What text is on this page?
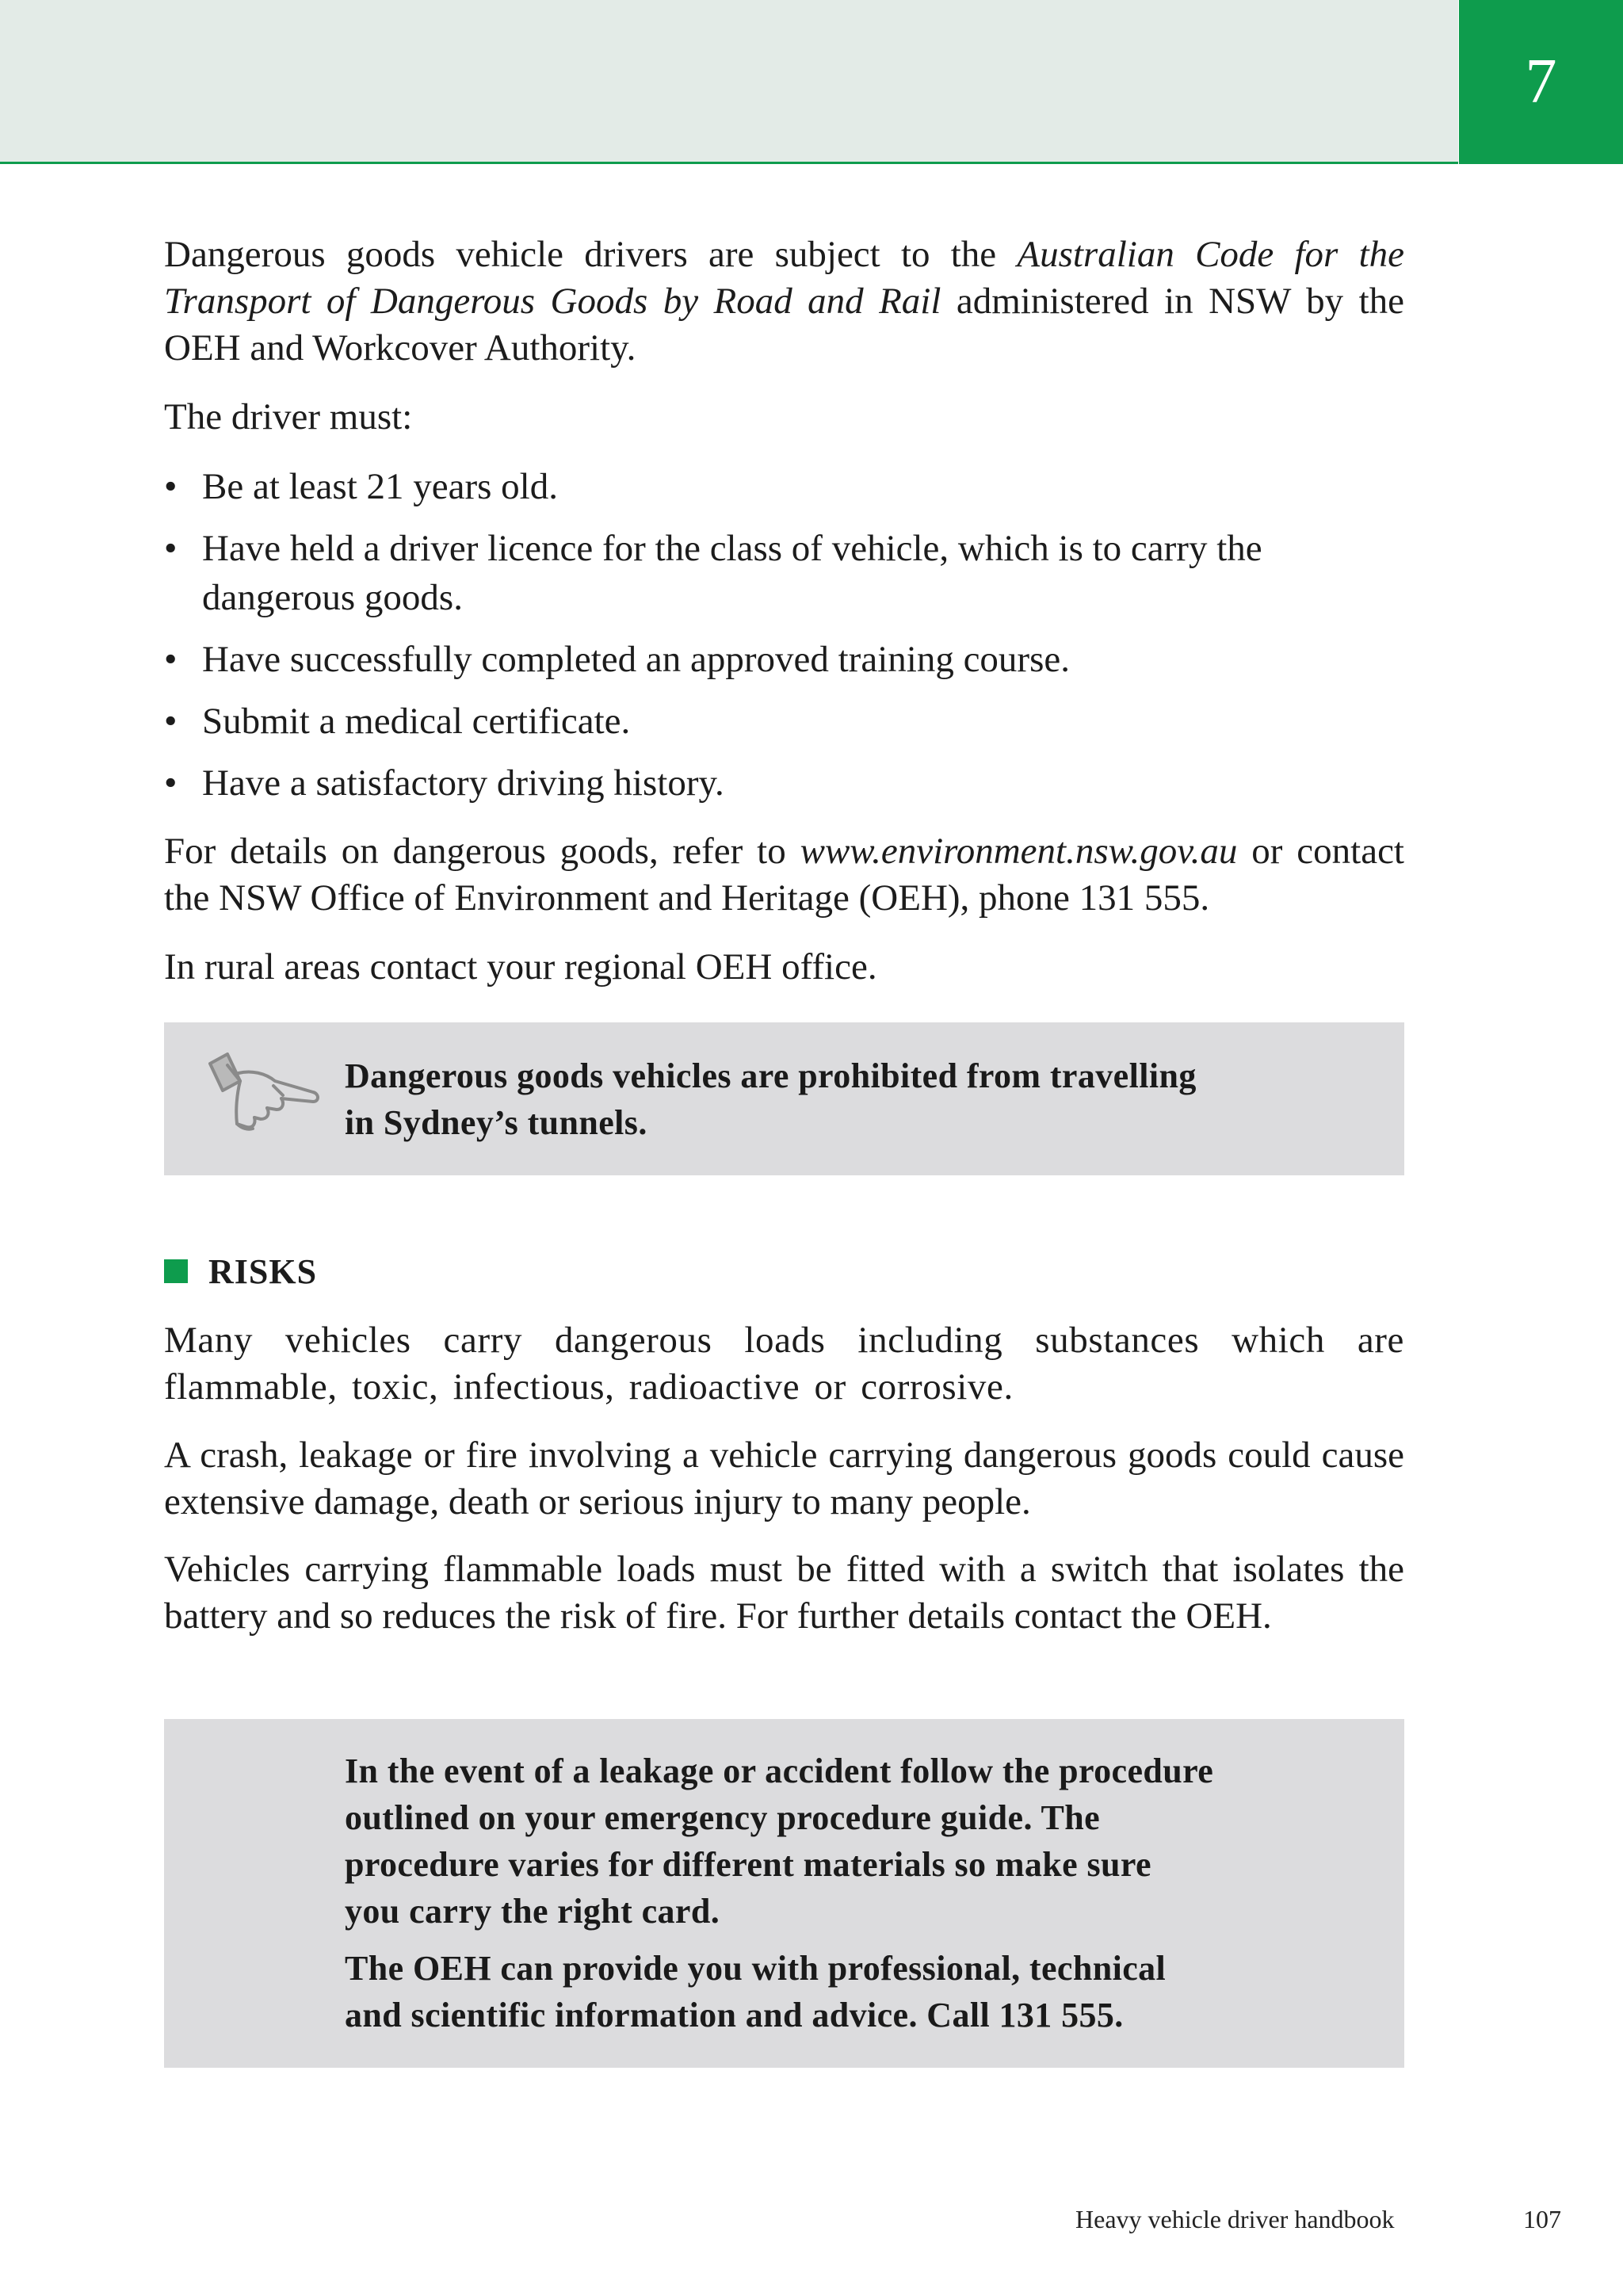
7

Dangerous goods vehicle drivers are subject to the Australian Code for the Transport of Dangerous Goods by Road and Rail administered in NSW by the OEH and Workcover Authority.

The driver must:

• Be at least 21 years old.
• Have held a driver licence for the class of vehicle, which is to carry the dangerous goods.
• Have successfully completed an approved training course.
• Submit a medical certificate.
• Have a satisfactory driving history.

For details on dangerous goods, refer to www.environment.nsw.gov.au or contact the NSW Office of Environment and Heritage (OEH), phone 131 555.

In rural areas contact your regional OEH office.

Dangerous goods vehicles are prohibited from travelling
in Sydney’s tunnels.
RISKS

Many vehicles carry dangerous loads including substances which are flammable, toxic, infectious, radioactive or corrosive.

A crash, leakage or fire involving a vehicle carrying dangerous goods could cause extensive damage, death or serious injury to many people.

Vehicles carrying flammable loads must be fitted with a switch that isolates the battery and so reduces the risk of fire. For further details contact the OEH.

In the event of a leakage or accident follow the procedure
outlined on your emergency procedure guide. The
procedure varies for different materials so make sure
you carry the right card.
The OEH can provide you with professional, technical
and scientific information and advice. Call 131 555.
Heavy vehicle driver handbook	107
